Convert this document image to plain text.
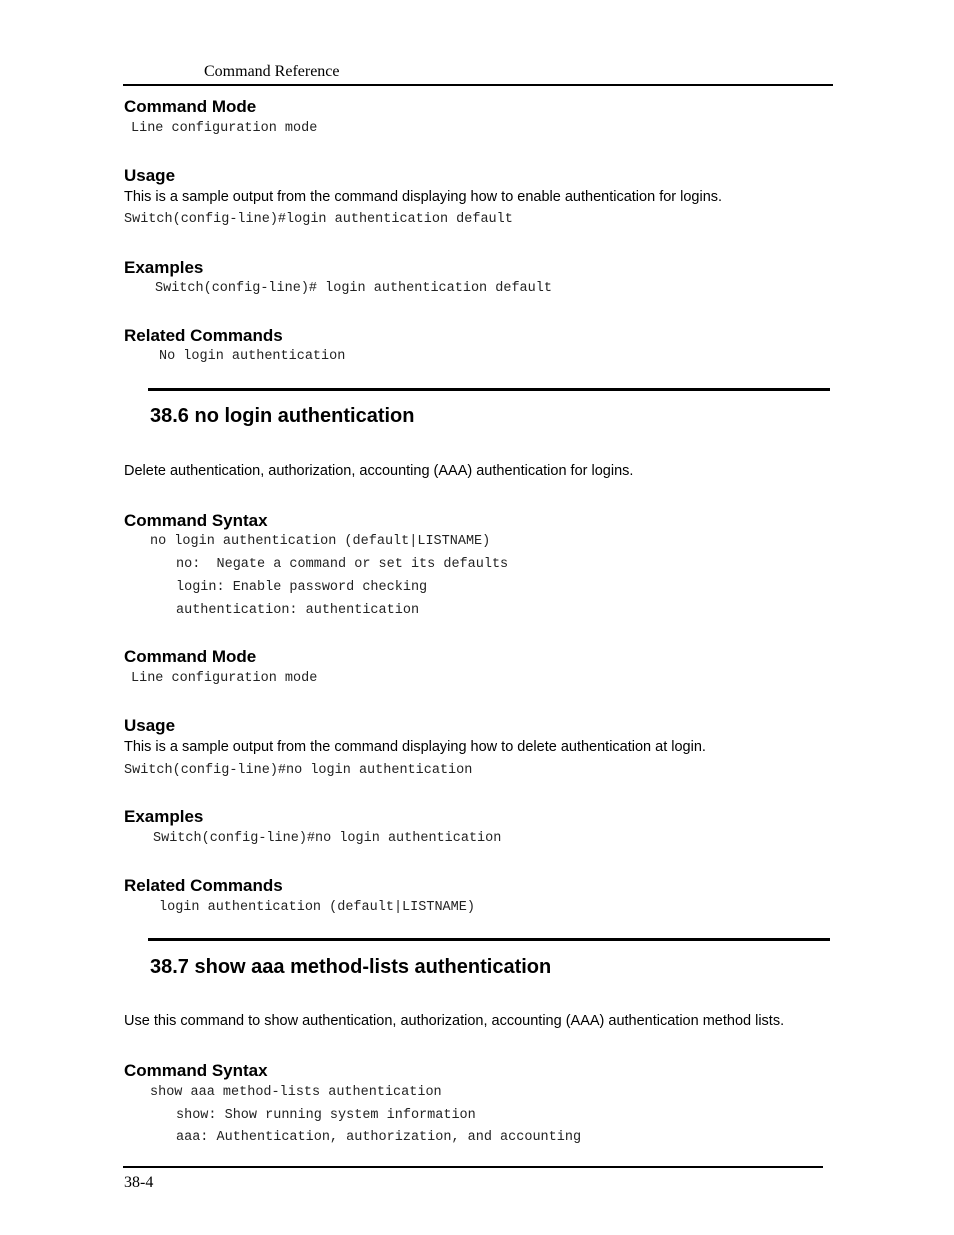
Command Reference
Command Mode
Line configuration mode
Usage
This is a sample output from the command displaying how to enable authentication for logins.
Switch(config-line)#login authentication default
Examples
Switch(config-line)# login authentication default
Related Commands
No login authentication
38.6 no login authentication
Delete authentication, authorization, accounting (AAA) authentication for logins.
Command Syntax
no login authentication (default|LISTNAME)
no:  Negate a command or set its defaults
login: Enable password checking
authentication: authentication
Command Mode
Line configuration mode
Usage
This is a sample output from the command displaying how to delete authentication at login.
Switch(config-line)#no login authentication
Examples
Switch(config-line)#no login authentication
Related Commands
login authentication (default|LISTNAME)
38.7 show aaa method-lists authentication
Use this command to show authentication, authorization, accounting (AAA) authentication method lists.
Command Syntax
show aaa method-lists authentication
show: Show running system information
aaa: Authentication, authorization, and accounting
38-4
